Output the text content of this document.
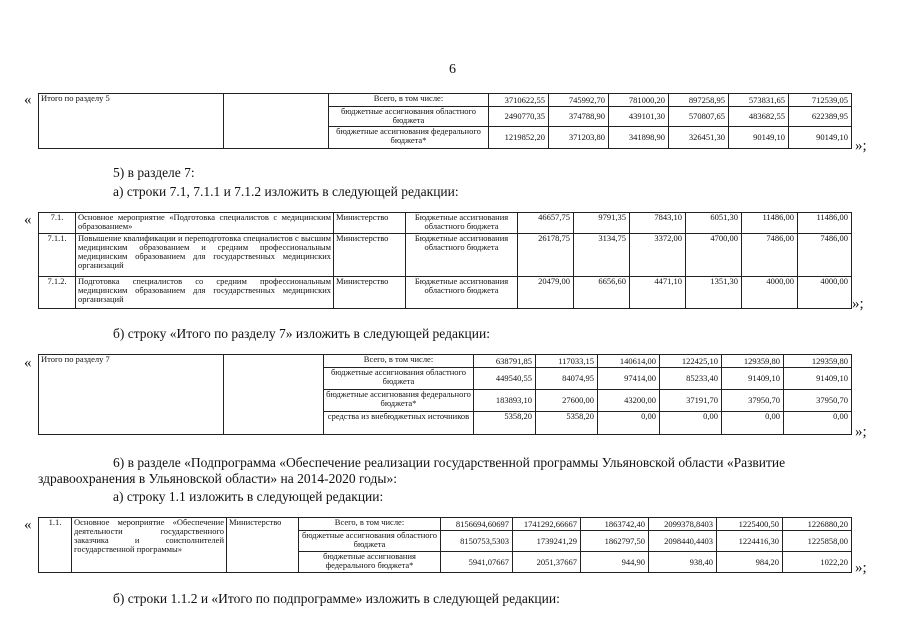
6
« Итого по разделу 5		Всего, в том числе:	3710622,55	745992,70	781000,20	897258,95	573831,65	712539,05
		бюджетные ассигнования областного бюджета	2490770,35	374788,90	439101,30	570807,65	483682,55	622389,95
		бюджетные ассигнования федерального бюджета*	1219852,20	371203,80	341898,90	326451,30	90149,10	90149,10
»;
5) в разделе 7:
а) строки 7.1, 7.1.1 и 7.1.2 изложить в следующей редакции:
« 7.1.	Основное мероприятие «Подготовка специалистов с медицинским образованием»	Министерство	Бюджетные ассигнования областного бюджета	46657,75	9791,35	7843,10	6051,30	11486,00	11486,00
7.1.1.	Повышение квалификации и переподготовка специалистов с высшим медицинским образованием и средним профессиональным медицинским образованием для государственных медицинских организаций	Министерство	Бюджетные ассигнования областного бюджета	26178,75	3134,75	3372,00	4700,00	7486,00	7486,00
7.1.2.	Подготовка специалистов со средним профессиональным медицинским образованием для государственных медицинских организаций	Министерство	Бюджетные ассигнования областного бюджета	20479,00	6656,60	4471,10	1351,30	4000,00	4000,00
»;
б) строку «Итого по разделу 7» изложить в следующей редакции:
« Итого по разделу 7		Всего, в том числе:	638791,85	117033,15	140614,00	122425,10	129359,80	129359,80
		бюджетные ассигнования областного бюджета	449540,55	84074,95	97414,00	85233,40	91409,10	91409,10
		бюджетные ассигнования федерального бюджета*	183893,10	27600,00	43200,00	37191,70	37950,70	37950,70
		средства из внебюджетных источников	5358,20	5358,20	0,00	0,00	0,00	0,00
»;
6) в разделе «Подпрограмма «Обеспечение реализации государственной программы Ульяновской области «Развитие
здравоохранения в Ульяновской области» на 2014-2020 годы»:
а) строку 1.1 изложить в следующей редакции:
« 1.1.	Основное мероприятие «Обеспечение деятельности государственного заказчика и соисполнителей государственной программы»	Министерство	Всего, в том числе:	8156694,60697	1741292,66667	1863742,40	2099378,8403	1225400,50	1226880,20
			бюджетные ассигнования областного бюджета	8150753,5303	1739241,29	1862797,50	2098440,4403	1224416,30	1225858,00
			бюджетные ассигнования федерального бюджета*	5941,07667	2051,37667	944,90	938,40	984,20	1022,20 »;
б) строки 1.1.2 и «Итого по подпрограмме» изложить в следующей редакции:
